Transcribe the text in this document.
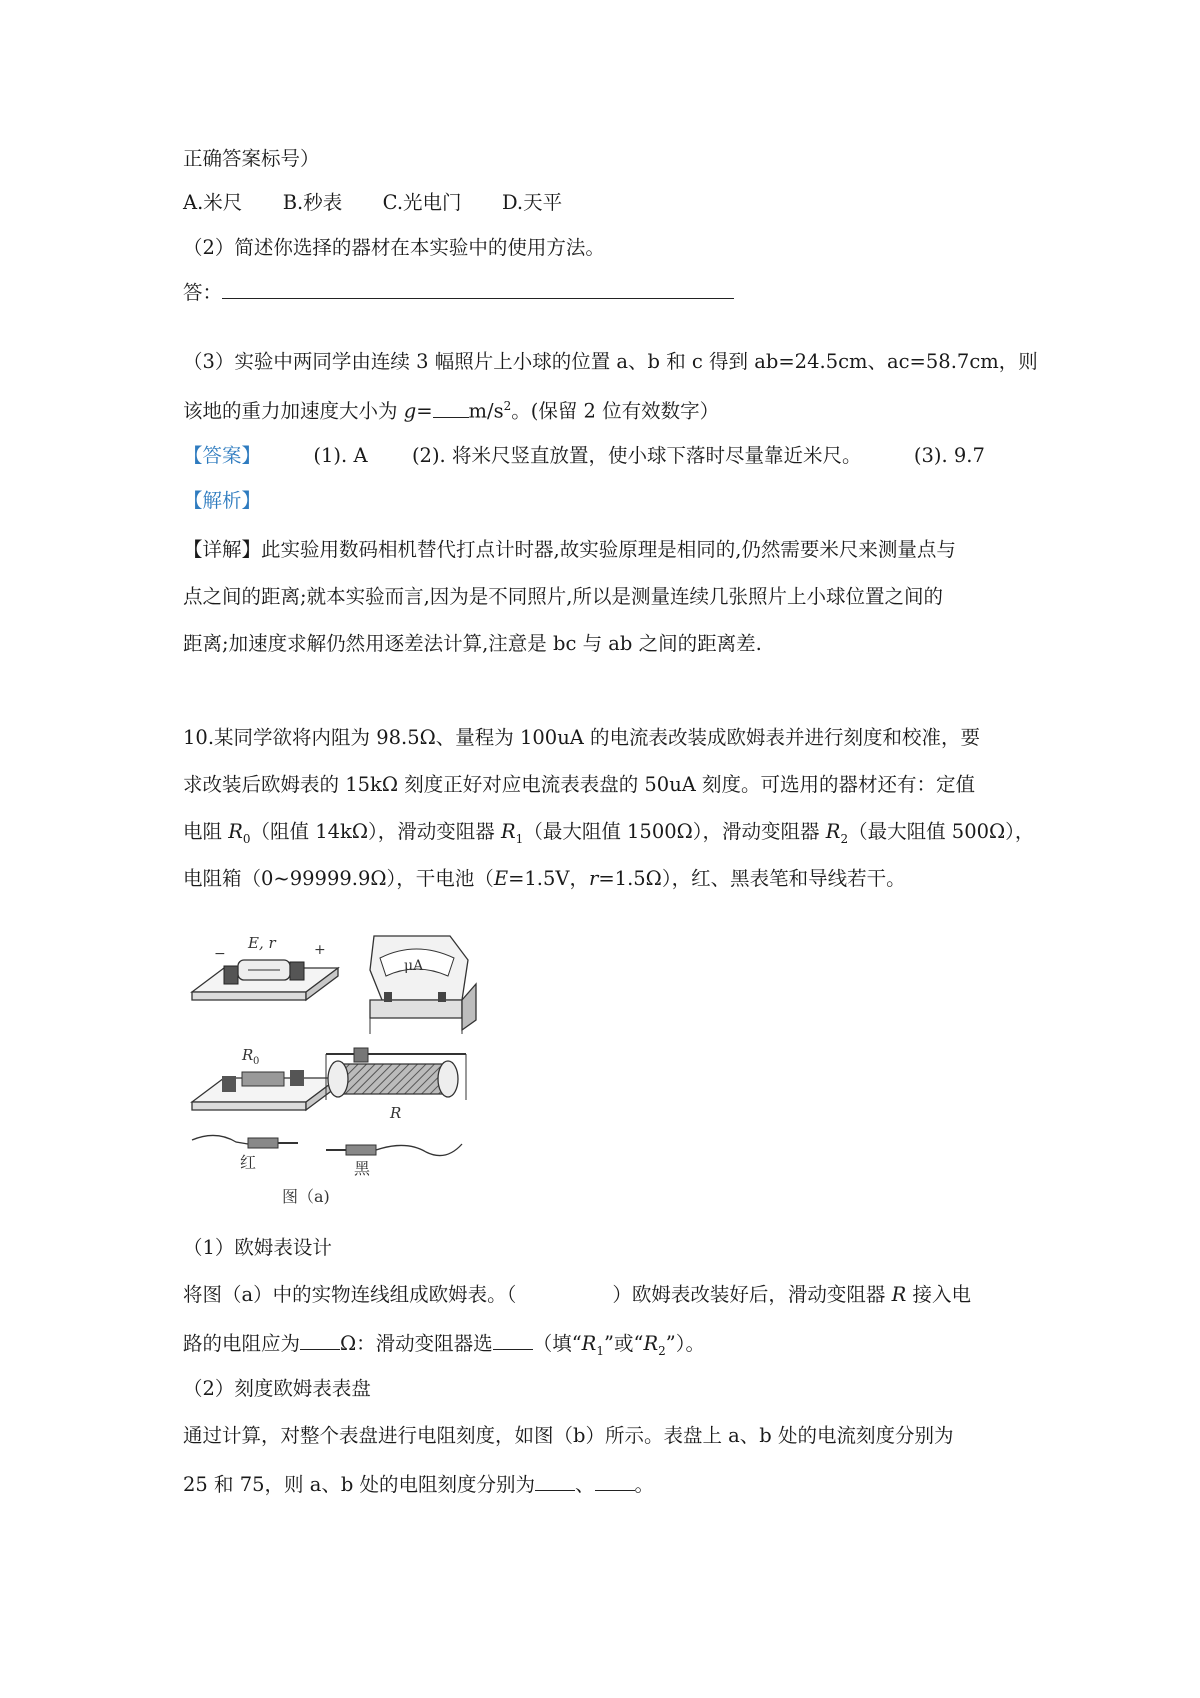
正确答案标号）
A.米尺 B.秒表 C.光电门 D.天平
（2）简述你选择的器材在本实验中的使用方法。
答：
（3）实验中两同学由连续 3 幅照片上小球的位置 a、b 和 c 得到 ab=24.5cm、ac=58.7cm，则
该地的重力加速度大小为 $g= m/s^2$。(保留 2 位有效数字）
【答案】	(1). A (2). 将米尺竖直放置，使小球下落时尽量靠近米尺。	(3). 9.7
【解析】
【详解】此实验用数码相机替代打点计时器,故实验原理是相同的,仍然需要米尺来测量点与
点之间的距离;就本实验而言,因为是不同照片,所以是测量连续几张照片上小球位置之间的
距离;加速度求解仍然用逐差法计算,注意是 bc 与 ab 之间的距离差.
10.某同学欲将内阻为 98.5Ω、量程为 100uA 的电流表改装成欧姆表并进行刻度和校准，要
求改装后欧姆表的 15kΩ 刻度正好对应电流表表盘的 50uA 刻度。可选用的器材还有：定值
电阻 $R_0$（阻值 14kΩ），滑动变阻器 $R_1$（最大阻值 1500Ω），滑动变阻器 $R_2$（最大阻值 500Ω），
电阻箱（0~99999.9Ω），干电池（E=1.5V，r=1.5Ω），红、黑表笔和导线若干。
E, r
−	+
μA
R 0
R
红	黑
图（a)
（1）欧姆表设计
将图（a）中的实物连线组成欧姆表。（	）欧姆表改装好后，滑动变阻器 R 接入电
路的电阻应为 Ω：滑动变阻器选 （填“$R_1$”或“$R_2$”）。
（2）刻度欧姆表表盘
通过计算，对整个表盘进行电阻刻度，如图（b）所示。表盘上 a、b 处的电流刻度分别为
25 和 75，则 a、b 处的电阻刻度分别为 、 。
